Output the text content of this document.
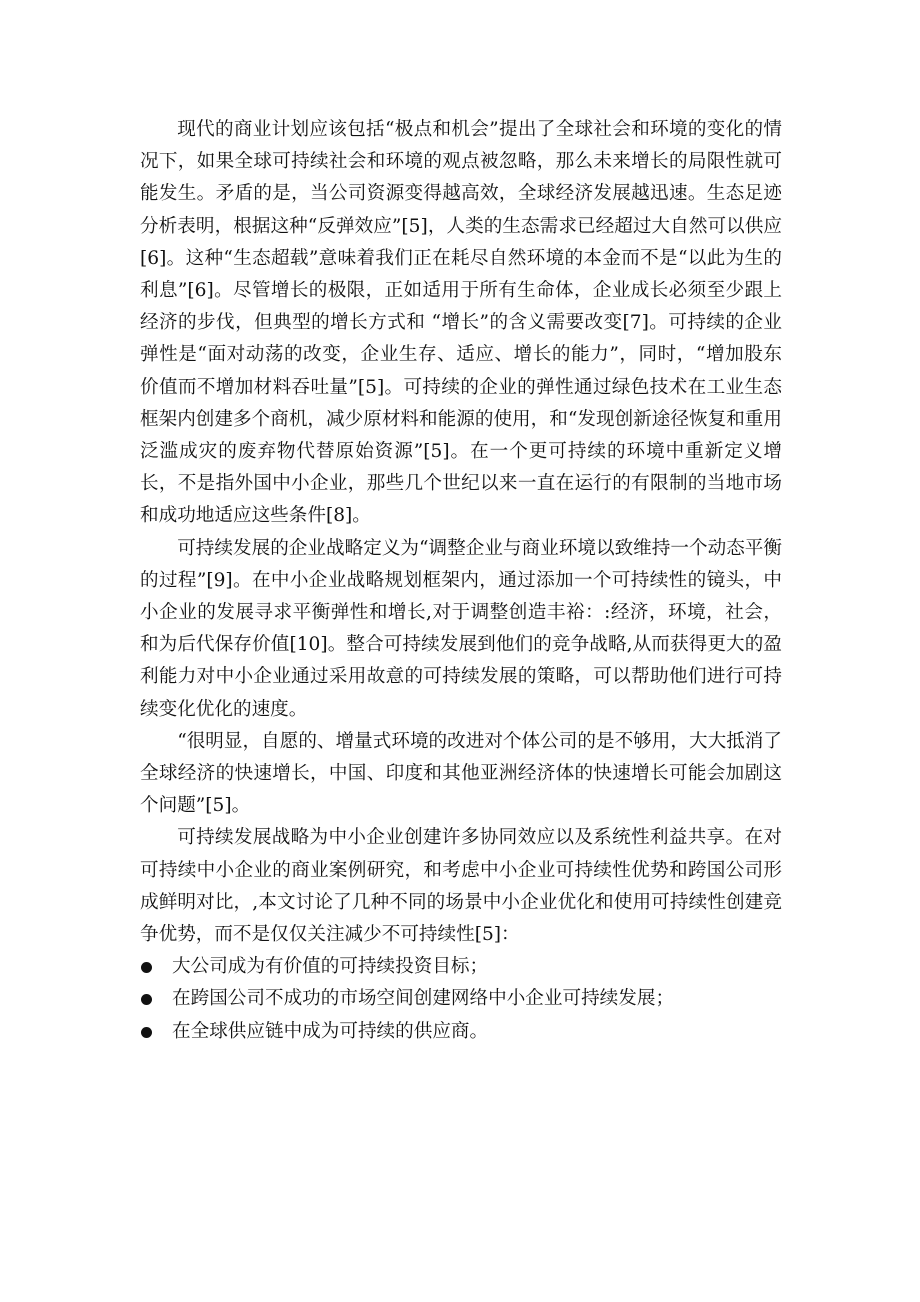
现代的商业计划应该包括“极点和机会”提出了全球社会和环境的变化的情况下，如果全球可持续社会和环境的观点被忽略，那么未来增长的局限性就可能发生。矛盾的是，当公司资源变得越高效，全球经济发展越迅速。生态足迹分析表明，根据这种“反弹效应”[5]，人类的生态需求已经超过大自然可以供应[6]。这种“生态超载”意味着我们正在耗尽自然环境的本金而不是“以此为生的利息”[6]。尽管增长的极限，正如适用于所有生命体，企业成长必须至少跟上经济的步伐，但典型的增长方式和 “增长”的含义需要改变[7]。可持续的企业弹性是“面对动荡的改变，企业生存、适应、增长的能力”，同时，“增加股东价值而不增加材料吞吐量”[5]。可持续的企业的弹性通过绿色技术在工业生态框架内创建多个商机，减少原材料和能源的使用，和“发现创新途径恢复和重用泛滥成灾的废弃物代替原始资源”[5]。在一个更可持续的环境中重新定义增长，不是指外国中小企业，那些几个世纪以来一直在运行的有限制的当地市场和成功地适应这些条件[8]。

可持续发展的企业战略定义为“调整企业与商业环境以致维持一个动态平衡的过程”[9]。在中小企业战略规划框架内，通过添加一个可持续性的镜头，中小企业的发展寻求平衡弹性和增长,对于调整创造丰裕：:经济，环境，社会，和为后代保存价值[10]。整合可持续发展到他们的竞争战略,从而获得更大的盈利能力对中小企业通过采用故意的可持续发展的策略，可以帮助他们进行可持续变化优化的速度。

“很明显，自愿的、增量式环境的改进对个体公司的是不够用，大大抵消了全球经济的快速增长，中国、印度和其他亚洲经济体的快速增长可能会加剧这个问题”[5]。

可持续发展战略为中小企业创建许多协同效应以及系统性利益共享。在对可持续中小企业的商业案例研究，和考虑中小企业可持续性优势和跨国公司形成鲜明对比，,本文讨论了几种不同的场景中小企业优化和使用可持续性创建竞争优势，而不是仅仅关注减少不可持续性[5]：

大公司成为有价值的可持续投资目标；
在跨国公司不成功的市场空间创建网络中小企业可持续发展；
在全球供应链中成为可持续的供应商。
